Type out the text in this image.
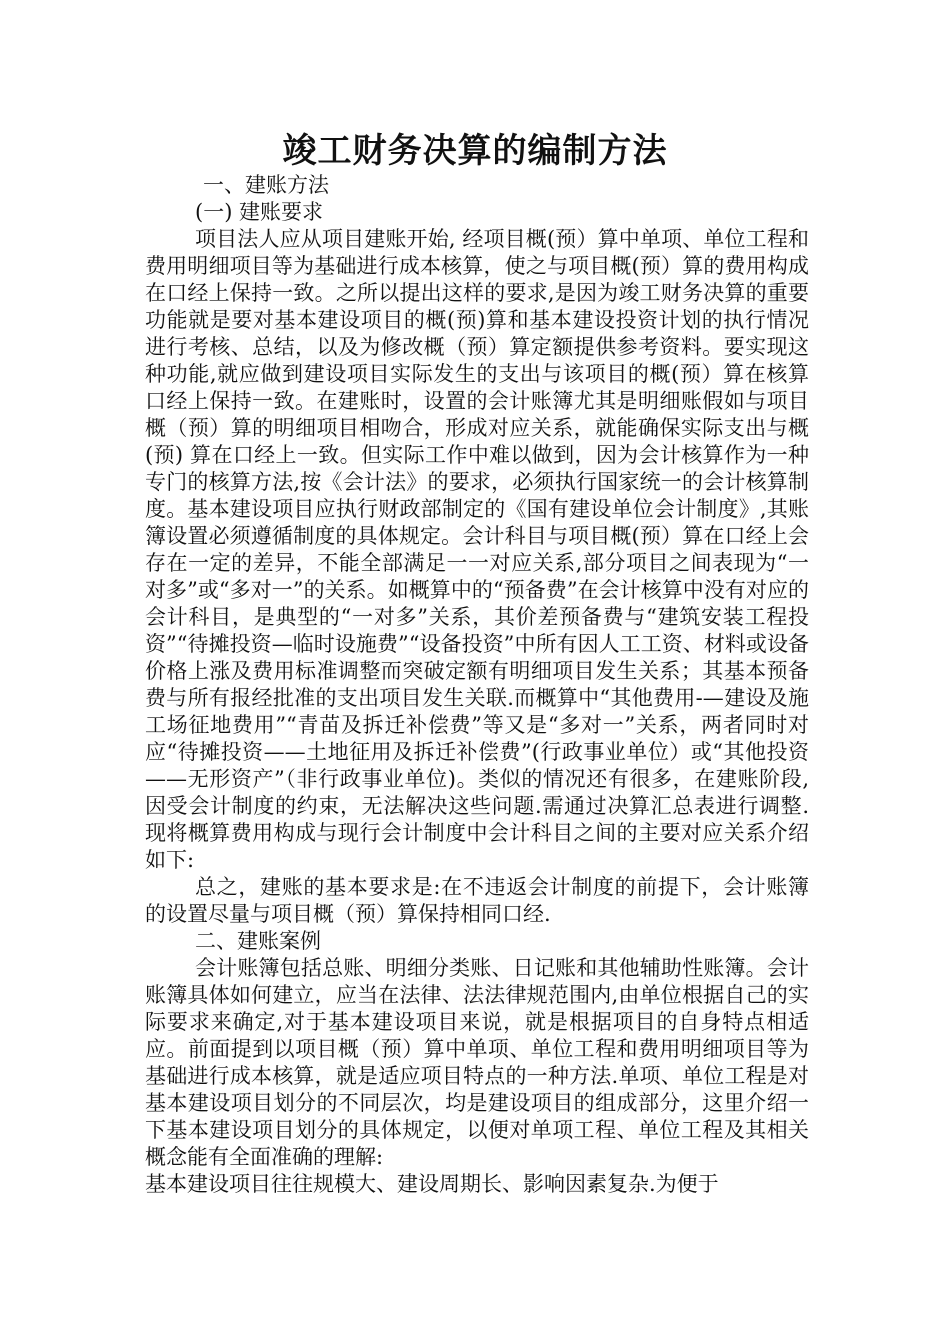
竣工财务决算的编制方法

一、建账方法

(一) 建账要求

项目法人应从项目建账开始, 经项目概(预）算中单项、单位工程和费用明细项目等为基础进行成本核算，使之与项目概(预）算的费用构成在口经上保持一致。之所以提出这样的要求,是因为竣工财务决算的重要功能就是要对基本建设项目的概(预)算和基本建设投资计划的执行情况进行考核、总结，以及为修改概（预）算定额提供参考资料。要实现这种功能,就应做到建设项目实际发生的支出与该项目的概(预）算在核算口经上保持一致。在建账时，设置的会计账簿尤其是明细账假如与项目概（预）算的明细项目相吻合，形成对应关系，就能确保实际支出与概(预) 算在口经上一致。但实际工作中难以做到，因为会计核算作为一种专门的核算方法,按《会计法》的要求，必须执行国家统一的会计核算制度。基本建设项目应执行财政部制定的《国有建设单位会计制度》,其账簿设置必须遵循制度的具体规定。会计科目与项目概(预）算在口经上会存在一定的差异，不能全部满足一一对应关系,部分项目之间表现为“一对多”或“多对一”的关系。如概算中的“预备费”在会计核算中没有对应的会计科目，是典型的“一对多”关系，其价差预备费与“建筑安装工程投资”“待摊投资—临时设施费”“设备投资”中所有因人工工资、材料或设备价格上涨及费用标准调整而突破定额有明细项目发生关系；其基本预备费与所有报经批准的支出项目发生关联.而概算中“其他费用-—建设及施工场征地费用”“青苗及拆迁补偿费”等又是“多对一”关系，两者同时对应“待摊投资——土地征用及拆迁补偿费”(行政事业单位）或“其他投资——无形资产”（非行政事业单位)。类似的情况还有很多，在建账阶段,因受会计制度的约束，无法解决这些问题.需通过决算汇总表进行调整.现将概算费用构成与现行会计制度中会计科目之间的主要对应关系介绍如下:

总之，建账的基本要求是:在不违返会计制度的前提下，会计账簿的设置尽量与项目概（预）算保持相同口经.

二、建账案例

会计账簿包括总账、明细分类账、日记账和其他辅助性账簿。会计账簿具体如何建立，应当在法律、法法律规范围内,由单位根据自己的实际要求来确定,对于基本建设项目来说，就是根据项目的自身特点相适应。前面提到以项目概（预）算中单项、单位工程和费用明细项目等为基础进行成本核算，就是适应项目特点的一种方法.单项、单位工程是对基本建设项目划分的不同层次，均是建设项目的组成部分，这里介绍一下基本建设项目划分的具体规定，以便对单项工程、单位工程及其相关概念能有全面准确的理解:

基本建设项目往往规模大、建设周期长、影响因素复杂.为便于
